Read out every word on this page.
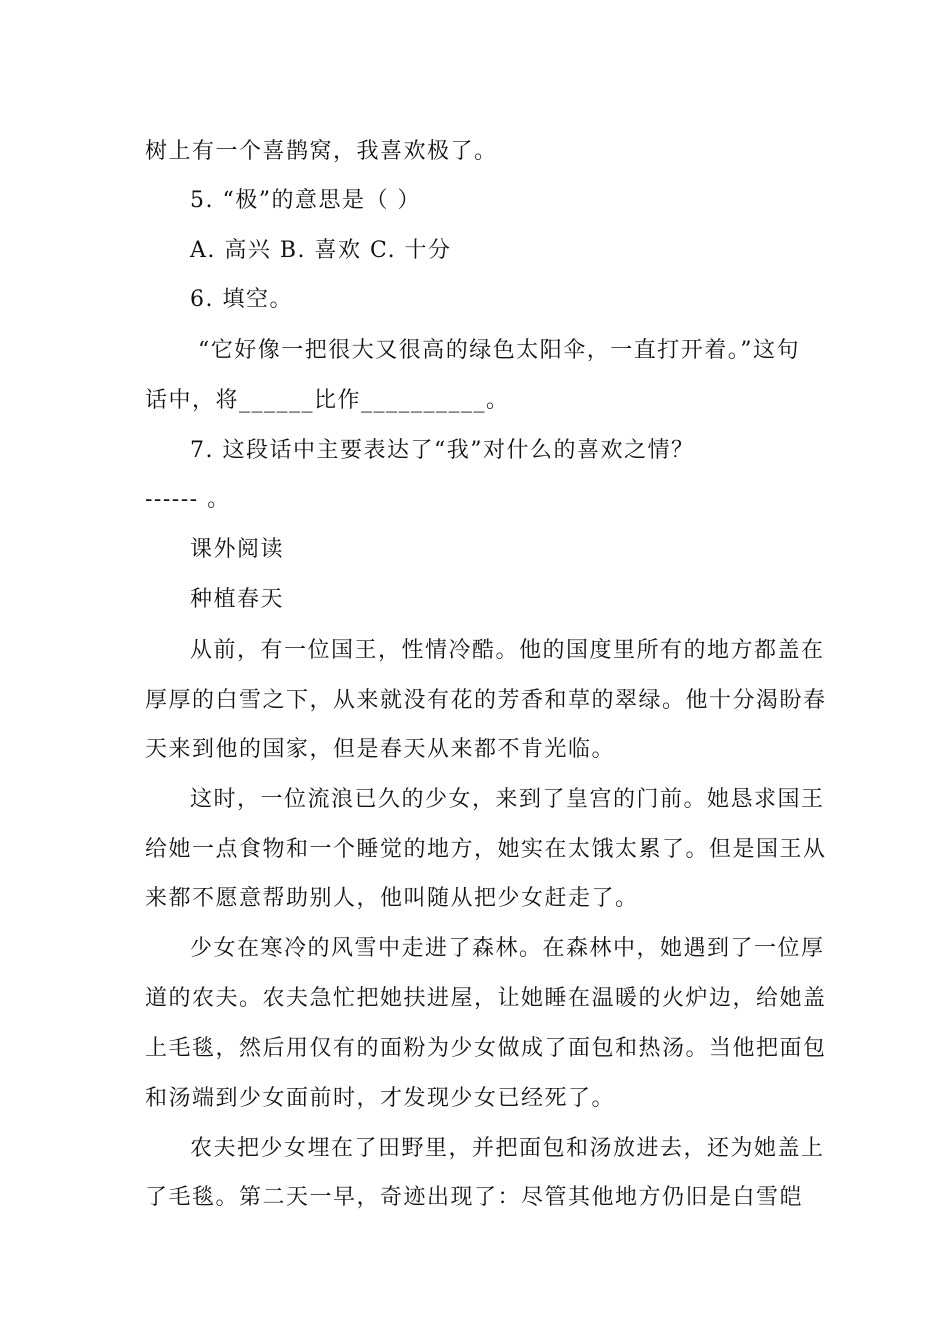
树上有一个喜鹊窝，我喜欢极了。
5. “极”的意思是（ ）
A. 高兴 B. 喜欢 C. 十分
6. 填空。
“它好像一把很大又很高的绿色太阳伞，一直打开着。”这句
话中，将______比作__________。
7. 这段话中主要表达了“我”对什么的喜欢之情？
------ 。
课外阅读
种植春天
从前，有一位国王，性情冷酷。他的国度里所有的地方都盖在
厚厚的白雪之下，从来就没有花的芳香和草的翠绿。他十分渴盼春
天来到他的国家，但是春天从来都不肯光临。
这时，一位流浪已久的少女，来到了皇宫的门前。她恳求国王
给她一点食物和一个睡觉的地方，她实在太饿太累了。但是国王从
来都不愿意帮助别人，他叫随从把少女赶走了。
少女在寒冷的风雪中走进了森林。在森林中，她遇到了一位厚
道的农夫。农夫急忙把她扶进屋，让她睡在温暖的火炉边，给她盖
上毛毯，然后用仅有的面粉为少女做成了面包和热汤。当他把面包
和汤端到少女面前时，才发现少女已经死了。
农夫把少女埋在了田野里，并把面包和汤放进去，还为她盖上
了毛毯。第二天一早，奇迹出现了：尽管其他地方仍旧是白雪皑
